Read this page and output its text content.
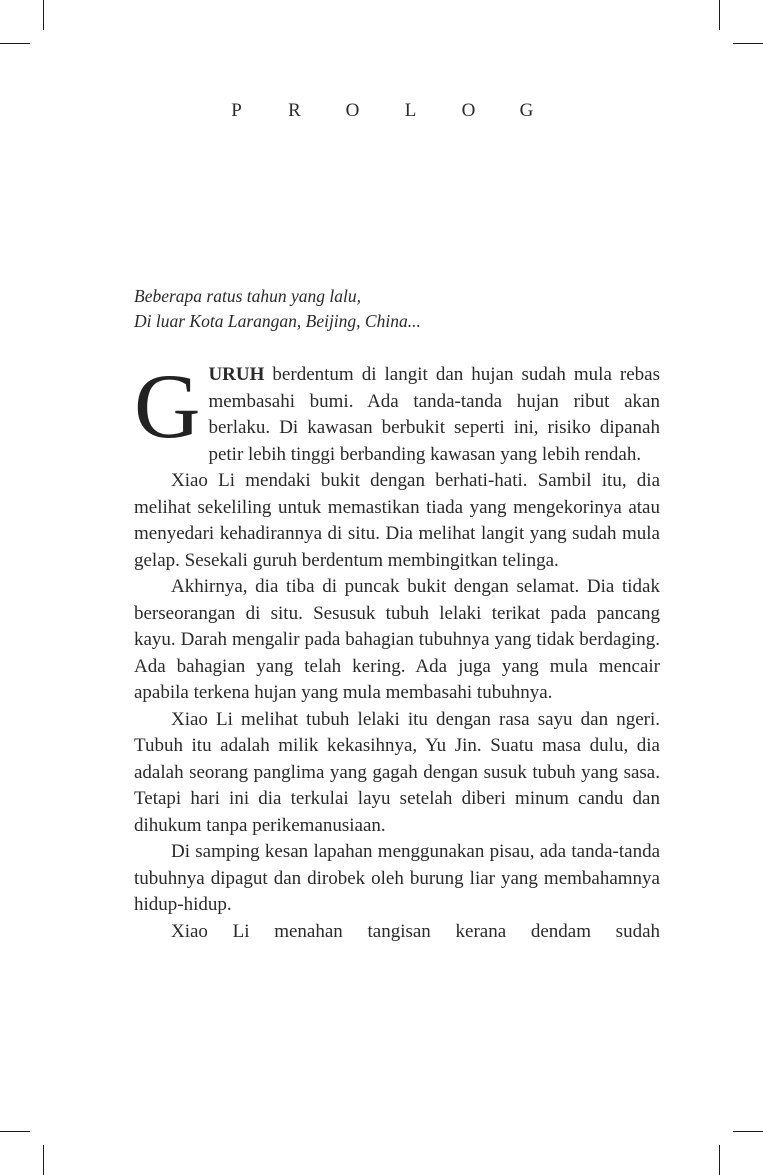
P	R	O	L	O	G
Beberapa ratus tahun yang lalu,
Di luar Kota Larangan, Beijing, China...

GURUH berdentum di langit dan hujan sudah mula rebas membasahi bumi. Ada tanda-tanda hujan ribut akan berlaku. Di kawasan berbukit seperti ini, risiko dipanah petir lebih tinggi berbanding kawasan yang lebih rendah.

Xiao Li mendaki bukit dengan berhati-hati. Sambil itu, dia melihat sekeliling untuk memastikan tiada yang mengekorinya atau menyedari kehadirannya di situ. Dia melihat langit yang sudah mula gelap. Sesekali guruh berdentum membingitkan telinga.

Akhirnya, dia tiba di puncak bukit dengan selamat. Dia tidak berseorangan di situ. Sesusuk tubuh lelaki terikat pada pancang kayu. Darah mengalir pada bahagian tubuhnya yang tidak berdaging. Ada bahagian yang telah kering. Ada juga yang mula mencair apabila terkena hujan yang mula membasahi tubuhnya.

Xiao Li melihat tubuh lelaki itu dengan rasa sayu dan ngeri. Tubuh itu adalah milik kekasihnya, Yu Jin. Suatu masa dulu, dia adalah seorang panglima yang gagah dengan susuk tubuh yang sasa. Tetapi hari ini dia terkulai layu setelah diberi minum candu dan dihukum tanpa perikemanusiaan.

Di samping kesan lapahan menggunakan pisau, ada tanda-tanda tubuhnya dipagut dan dirobek oleh burung liar yang membahamnya hidup-hidup.

Xiao Li menahan tangisan kerana dendam sudah
